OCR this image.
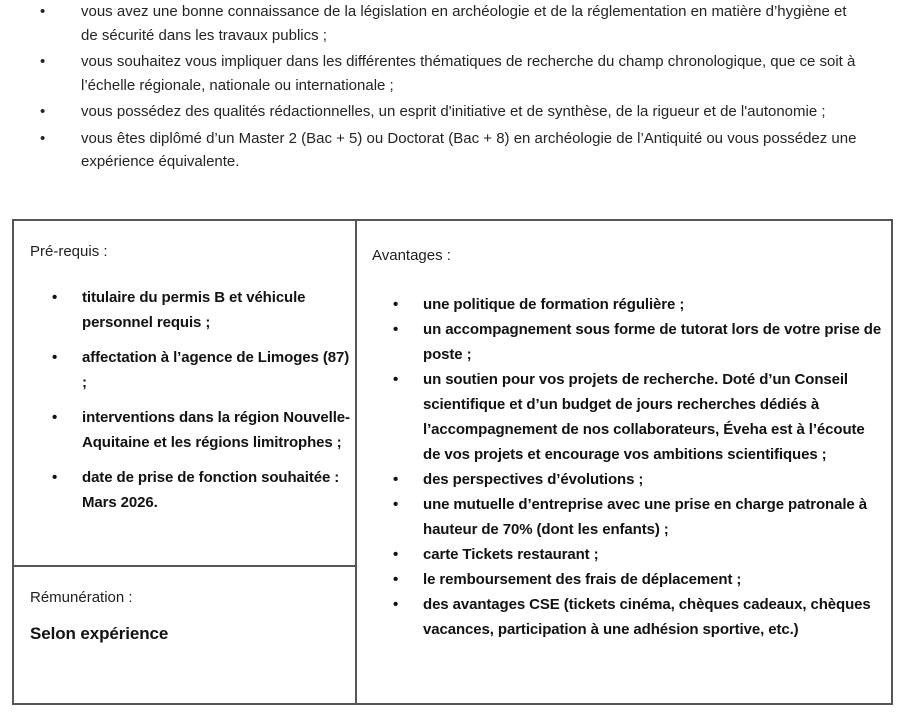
• vous avez une bonne connaissance de la législation en archéologie et de la réglementation en matière d’hygiène et de sécurité dans les travaux publics ;
• vous souhaitez vous impliquer dans les différentes thématiques de recherche du champ chronologique, que ce soit à l’échelle régionale, nationale ou internationale ;
• vous possédez des qualités rédactionnelles, un esprit d'initiative et de synthèse, de la rigueur et de l'autonomie ;
• vous êtes diplômé d’un Master 2 (Bac + 5) ou Doctorat (Bac + 8) en archéologie de l’Antiquité ou vous possédez une expérience équivalente.

Pré-requis :

• titulaire du permis B et véhicule personnel requis ;
• affectation à l’agence de Limoges (87) ;
• interventions dans la région Nouvelle-Aquitaine et les régions limitrophes ;
• date de prise de fonction souhaitée : Mars 2026.

Rémunération :

Selon expérience

Avantages :

• une politique de formation régulière ;
• un accompagnement sous forme de tutorat lors de votre prise de poste ;
• un soutien pour vos projets de recherche. Doté d’un Conseil scientifique et d’un budget de jours recherches dédiés à l’accompagnement de nos collaborateurs, Éveha est à l’écoute de vos projets et encourage vos ambitions scientifiques ;
• des perspectives d’évolutions ;
• une mutuelle d’entreprise avec une prise en charge patronale à hauteur de 70% (dont les enfants) ;
• carte Tickets restaurant ;
• le remboursement des frais de déplacement ;
• des avantages CSE (tickets cinéma, chèques cadeaux, chèques vacances, participation à une adhésion sportive, etc.)
